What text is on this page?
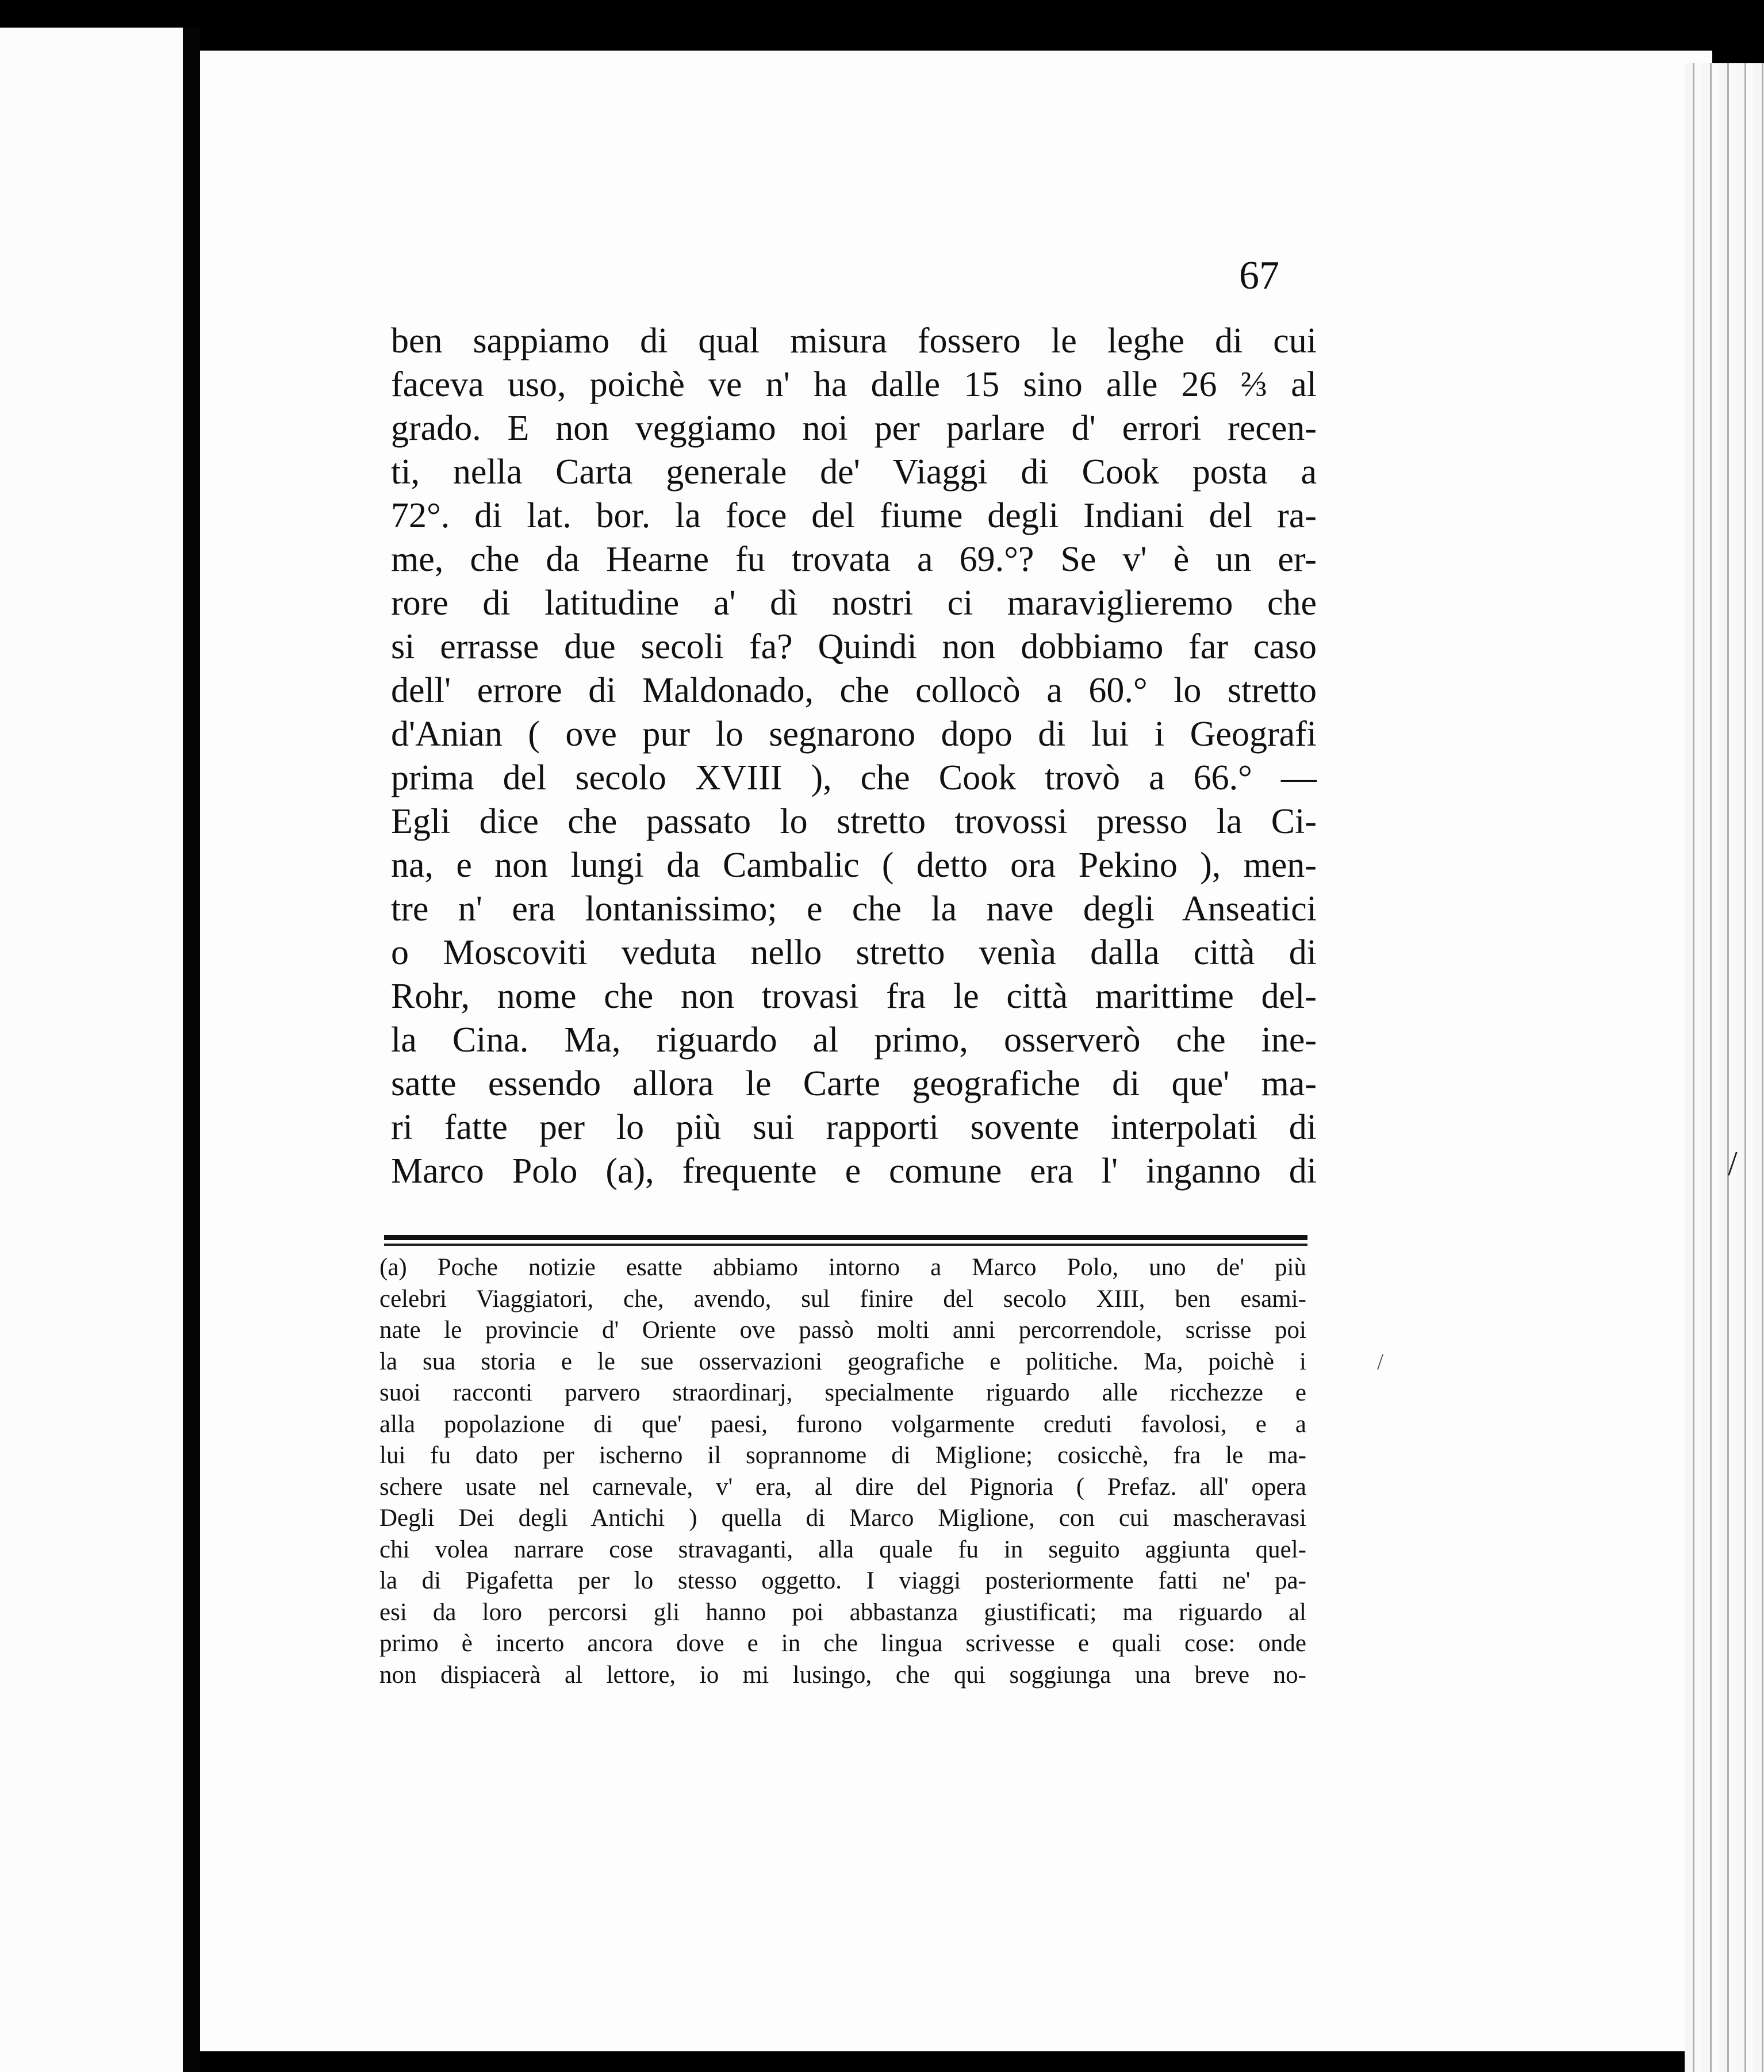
67
ben sappiamo di qual misura fossero le leghe di cui
faceva uso, poichè ve n' ha dalle 15 sino alle 26 ⅔ al
grado. E non veggiamo noi per parlare d' errori recen-
ti, nella Carta generale de' Viaggi di Cook posta a
72°. di lat. bor. la foce del fiume degli Indiani del ra-
me, che da Hearne fu trovata a 69.°? Se v' è un er-
rore di latitudine a' dì nostri ci maraviglieremo che
si errasse due secoli fa? Quindi non dobbiamo far caso
dell' errore di Maldonado, che collocò a 60.° lo stretto
d'Anian ( ove pur lo segnarono dopo di lui i Geografi
prima del secolo XVIII ), che Cook trovò a 66.° —
Egli dice che passato lo stretto trovossi presso la Ci-
na, e non lungi da Cambalic ( detto ora Pekino ), men-
tre n' era lontanissimo; e che la nave degli Anseatici
o Moscoviti veduta nello stretto venìa dalla città di
Rohr, nome che non trovasi fra le città marittime del-
la Cina. Ma, riguardo al primo, osserverò che ine-
satte essendo allora le Carte geografiche di que' ma-
ri fatte per lo più sui rapporti sovente interpolati di
Marco Polo (a), frequente e comune era l' inganno di
(a) Poche notizie esatte abbiamo intorno a Marco Polo, uno de' più
celebri Viaggiatori, che, avendo, sul finire del secolo XIII, ben esami-
nate le provincie d' Oriente ove passò molti anni percorrendole, scrisse poi
la sua storia e le sue osservazioni geografiche e politiche. Ma, poichè i
suoi racconti parvero straordinarj, specialmente riguardo alle ricchezze e
alla popolazione di que' paesi, furono volgarmente creduti favolosi, e a
lui fu dato per ischerno il soprannome di Miglione; cosicchè, fra le ma-
schere usate nel carnevale, v' era, al dire del Pignoria ( Prefaz. all' opera
Degli Dei degli Antichi ) quella di Marco Miglione, con cui mascheravasi
chi volea narrare cose stravaganti, alla quale fu in seguito aggiunta quel-
la di Pigafetta per lo stesso oggetto. I viaggi posteriormente fatti ne' pa-
esi da loro percorsi gli hanno poi abbastanza giustificati; ma riguardo al
primo è incerto ancora dove e in che lingua scrivesse e quali cose: onde
non dispiacerà al lettore, io mi lusingo, che qui soggiunga una breve no-
/
/
